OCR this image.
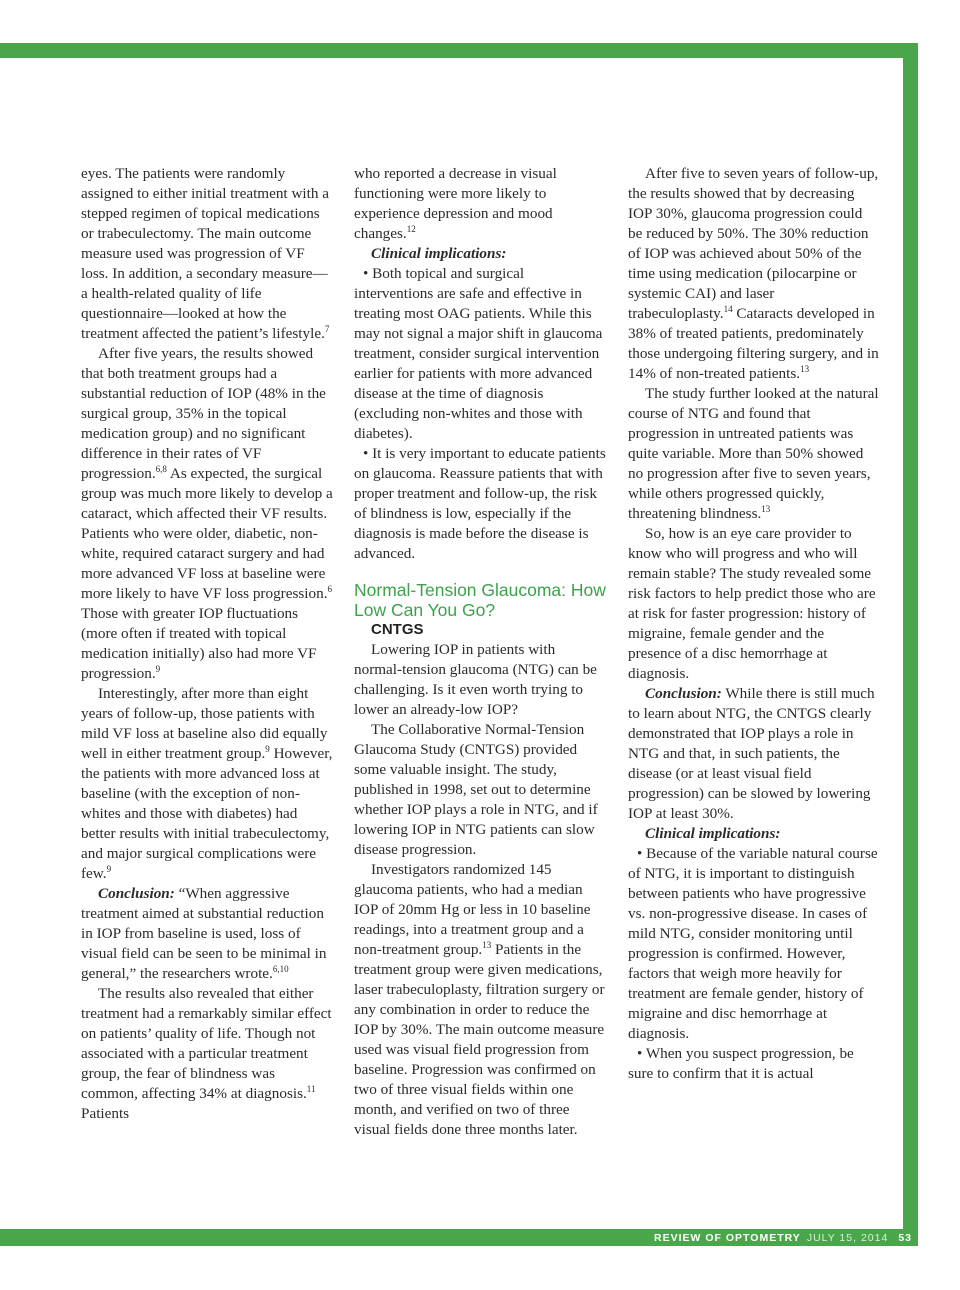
eyes. The patients were randomly assigned to either initial treatment with a stepped regimen of topical medications or trabeculectomy. The main outcome measure used was progression of VF loss. In addition, a secondary measure—a health-related quality of life questionnaire—looked at how the treatment affected the patient’s lifestyle.$^7$

After five years, the results showed that both treatment groups had a substantial reduction of IOP (48% in the surgical group, 35% in the topical medication group) and no significant difference in their rates of VF progression.$^{6,8}$ As expected, the surgical group was much more likely to develop a cataract, which affected their VF results. Patients who were older, diabetic, non-white, required cataract surgery and had more advanced VF loss at baseline were more likely to have VF loss progression.$^6$ Those with greater IOP fluctuations (more often if treated with topical medication initially) also had more VF progression.$^9$

Interestingly, after more than eight years of follow-up, those patients with mild VF loss at baseline also did equally well in either treatment group.$^9$ However, the patients with more advanced loss at baseline (with the exception of non-whites and those with diabetes) had better results with initial trabeculectomy, and major surgical complications were few.$^9$

Conclusion: “When aggressive treatment aimed at substantial reduction in IOP from baseline is used, loss of visual field can be seen to be minimal in general,” the researchers wrote.$^{6,10}$

The results also revealed that either treatment had a remarkably similar effect on patients’ quality of life. Though not associated with a particular treatment group, the fear of blindness was common, affecting 34% at diagnosis.$^{11}$ Patients

who reported a decrease in visual functioning were more likely to experience depression and mood changes.$^{12}$

Clinical implications:

• Both topical and surgical interventions are safe and effective in treating most OAG patients. While this may not signal a major shift in glaucoma treatment, consider surgical intervention earlier for patients with more advanced disease at the time of diagnosis (excluding non-whites and those with diabetes).

• It is very important to educate patients on glaucoma. Reassure patients that with proper treatment and follow-up, the risk of blindness is low, especially if the diagnosis is made before the disease is advanced.

Normal-Tension Glaucoma: How Low Can You Go?

CNTGS

Lowering IOP in patients with normal-tension glaucoma (NTG) can be challenging. Is it even worth trying to lower an already-low IOP?

The Collaborative Normal-Tension Glaucoma Study (CNTGS) provided some valuable insight. The study, published in 1998, set out to determine whether IOP plays a role in NTG, and if lowering IOP in NTG patients can slow disease progression.

Investigators randomized 145 glaucoma patients, who had a median IOP of 20mm Hg or less in 10 baseline readings, into a treatment group and a non-treatment group.$^{13}$ Patients in the treatment group were given medications, laser trabeculoplasty, filtration surgery or any combination in order to reduce the IOP by 30%. The main outcome measure used was visual field progression from baseline. Progression was confirmed on two of three visual fields within one month, and verified on two of three visual fields done three months later.

After five to seven years of follow-up, the results showed that by decreasing IOP 30%, glaucoma progression could be reduced by 50%. The 30% reduction of IOP was achieved about 50% of the time using medication (pilocarpine or systemic CAI) and laser trabeculoplasty.$^{14}$ Cataracts developed in 38% of treated patients, predominately those undergoing filtering surgery, and in 14% of non-treated patients.$^{13}$

The study further looked at the natural course of NTG and found that progression in untreated patients was quite variable. More than 50% showed no progression after five to seven years, while others progressed quickly, threatening blindness.$^{13}$

So, how is an eye care provider to know who will progress and who will remain stable? The study revealed some risk factors to help predict those who are at risk for faster progression: history of migraine, female gender and the presence of a disc hemorrhage at diagnosis.

Conclusion: While there is still much to learn about NTG, the CNTGS clearly demonstrated that IOP plays a role in NTG and that, in such patients, the disease (or at least visual field progression) can be slowed by lowering IOP at least 30%.

Clinical implications:

• Because of the variable natural course of NTG, it is important to distinguish between patients who have progressive vs. non-progressive disease. In cases of mild NTG, consider monitoring until progression is confirmed. However, factors that weigh more heavily for treatment are female gender, history of migraine and disc hemorrhage at diagnosis.

• When you suspect progression, be sure to confirm that it is actual

REVIEW OF OPTOMETRY JULY 15, 2014 53
